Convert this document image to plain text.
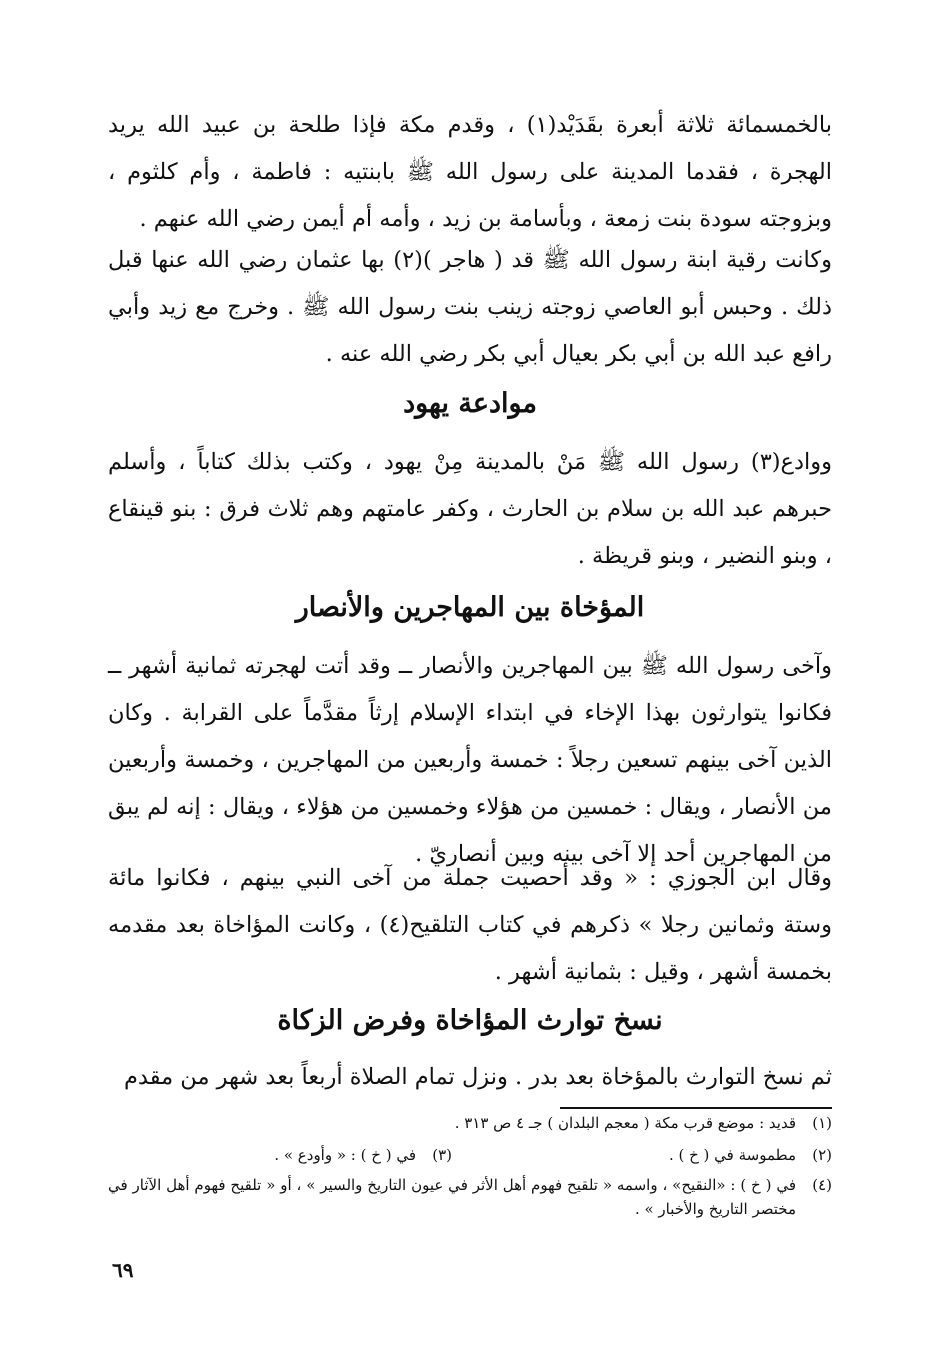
بالخمسمائة ثلاثة أبعرة بقَدَيْد(١) ، وقدم مكة فإذا طلحة بن عبيد الله يريد الهجرة ، فقدما المدينة على رسول الله ﷺ بابنتيه : فاطمة ، وأم كلثوم ، وبزوجته سودة بنت زمعة ، وبأسامة بن زيد ، وأمه أم أيمن رضي الله عنهم .

وكانت رقية ابنة رسول الله ﷺ قد ( هاجر )(٢) بها عثمان رضي الله عنها قبل ذلك . وحبس أبو العاصي زوجته زينب بنت رسول الله ﷺ . وخرج مع زيد وأبي رافع عبد الله بن أبي بكر بعيال أبي بكر رضي الله عنه .

موادعة يهود

ووادع(٣) رسول الله ﷺ مَنْ بالمدينة مِنْ يهود ، وكتب بذلك كتاباً ، وأسلم حبرهم عبد الله بن سلام بن الحارث ، وكفر عامتهم وهم ثلاث فرق : بنو قينقاع ، وبنو النضير ، وبنو قريظة .

المؤخاة بين المهاجرين والأنصار

وآخى رسول الله ﷺ بين المهاجرين والأنصار ــ وقد أتت لهجرته ثمانية أشهر ــ فكانوا يتوارثون بهذا الإخاء في ابتداء الإسلام إرثاً مقدَّماً على القرابة . وكان الذين آخى بينهم تسعين رجلاً : خمسة وأربعين من المهاجرين ، وخمسة وأربعين من الأنصار ، ويقال : خمسين من هؤلاء وخمسين من هؤلاء ، ويقال : إنه لم يبق من المهاجرين أحد إلا آخى بينه وبين أنصاريّ .

وقال ابن الجوزي : « وقد أحصيت جملة من آخى النبي بينهم ، فكانوا مائة وستة وثمانين رجلا » ذكرهم في كتاب التلقيح(٤) ، وكانت المؤاخاة بعد مقدمه بخمسة أشهر ، وقيل : بثمانية أشهر .

نسخ توارث المؤاخاة وفرض الزكاة

ثم نسخ التوارث بالمؤخاة بعد بدر . ونزل تمام الصلاة أربعاً بعد شهر من مقدم

(١)
قديد : موضع قرب مكة ( معجم البلدان ) جـ ٤ ص ٣١٣ .
(٢)
مطموسة في ( خ ) .
(٣)
في ( خ ) : « وأودع » .
(٤)
في ( خ ) : «النقيح» ، واسمه « تلقيح فهوم أهل الأثر في عيون التاريخ والسير » ، أو « تلقيح فهوم أهل الآثار في مختصر التاريخ والأخبار » .
٦٩
